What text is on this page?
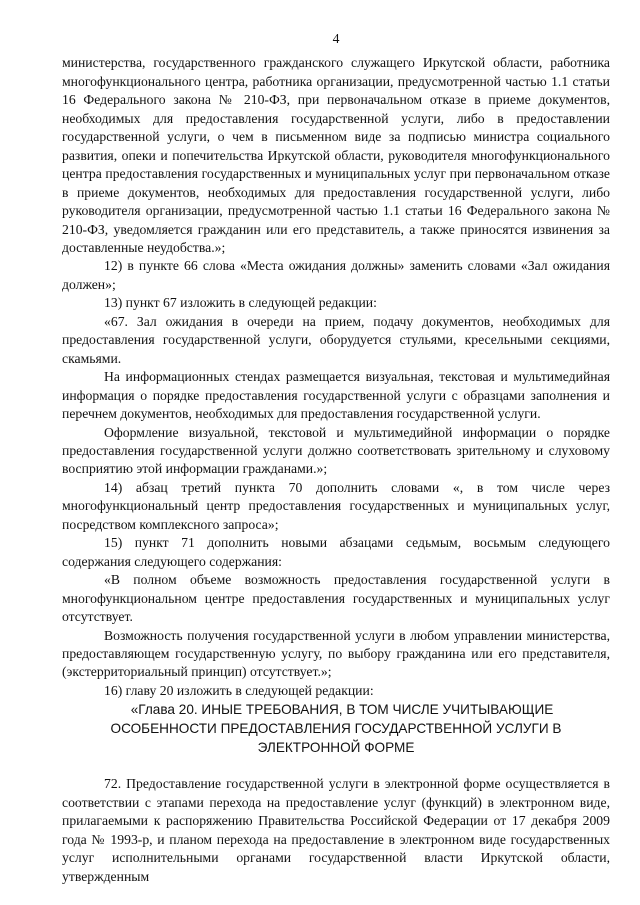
4

министерства, государственного гражданского служащего Иркутской области, работника многофункционального центра, работника организации, предусмотренной частью 1.1 статьи 16 Федерального закона № 210-ФЗ, при первоначальном отказе в приеме документов, необходимых для предоставления государственной услуги, либо в предоставлении государственной услуги, о чем в письменном виде за подписью министра социального развития, опеки и попечительства Иркутской области, руководителя многофункционального центра предоставления государственных и муниципальных услуг при первоначальном отказе в приеме документов, необходимых для предоставления государственной услуги, либо руководителя организации, предусмотренной частью 1.1 статьи 16 Федерального закона № 210-ФЗ, уведомляется гражданин или его представитель, а также приносятся извинения за доставленные неудобства.»;

12) в пункте 66 слова «Места ожидания должны» заменить словами «Зал ожидания должен»;

13) пункт 67 изложить в следующей редакции:

«67. Зал ожидания в очереди на прием, подачу документов, необходимых для предоставления государственной услуги, оборудуется стульями, кресельными секциями, скамьями.

На информационных стендах размещается визуальная, текстовая и мультимедийная информация о порядке предоставления государственной услуги с образцами заполнения и перечнем документов, необходимых для предоставления государственной услуги.

Оформление визуальной, текстовой и мультимедийной информации о порядке предоставления государственной услуги должно соответствовать зрительному и слуховому восприятию этой информации гражданами.»;

14) абзац третий пункта 70 дополнить словами «, в том числе через многофункциональный центр предоставления государственных и муниципальных услуг, посредством комплексного запроса»;

15) пункт 71 дополнить новыми абзацами седьмым, восьмым следующего содержания следующего содержания:

«В полном объеме возможность предоставления государственной услуги в многофункциональном центре предоставления государственных и муниципальных услуг отсутствует.

Возможность получения государственной услуги в любом управлении министерства, предоставляющем государственную услугу, по выбору гражданина или его представителя, (экстерриториальный принцип) отсутствует.»;

16) главу 20 изложить в следующей редакции:

«Глава 20. ИНЫЕ ТРЕБОВАНИЯ, В ТОМ ЧИСЛЕ УЧИТЫВАЮЩИЕ
ОСОБЕННОСТИ ПРЕДОСТАВЛЕНИЯ ГОСУДАРСТВЕННОЙ УСЛУГИ В
ЭЛЕКТРОННОЙ ФОРМЕ

72. Предоставление государственной услуги в электронной форме осуществляется в соответствии с этапами перехода на предоставление услуг (функций) в электронном виде, прилагаемыми к распоряжению Правительства Российской Федерации от 17 декабря 2009 года № 1993-р, и планом перехода на предоставление в электронном виде государственных услуг исполнительными органами государственной власти Иркутской области, утвержденным
